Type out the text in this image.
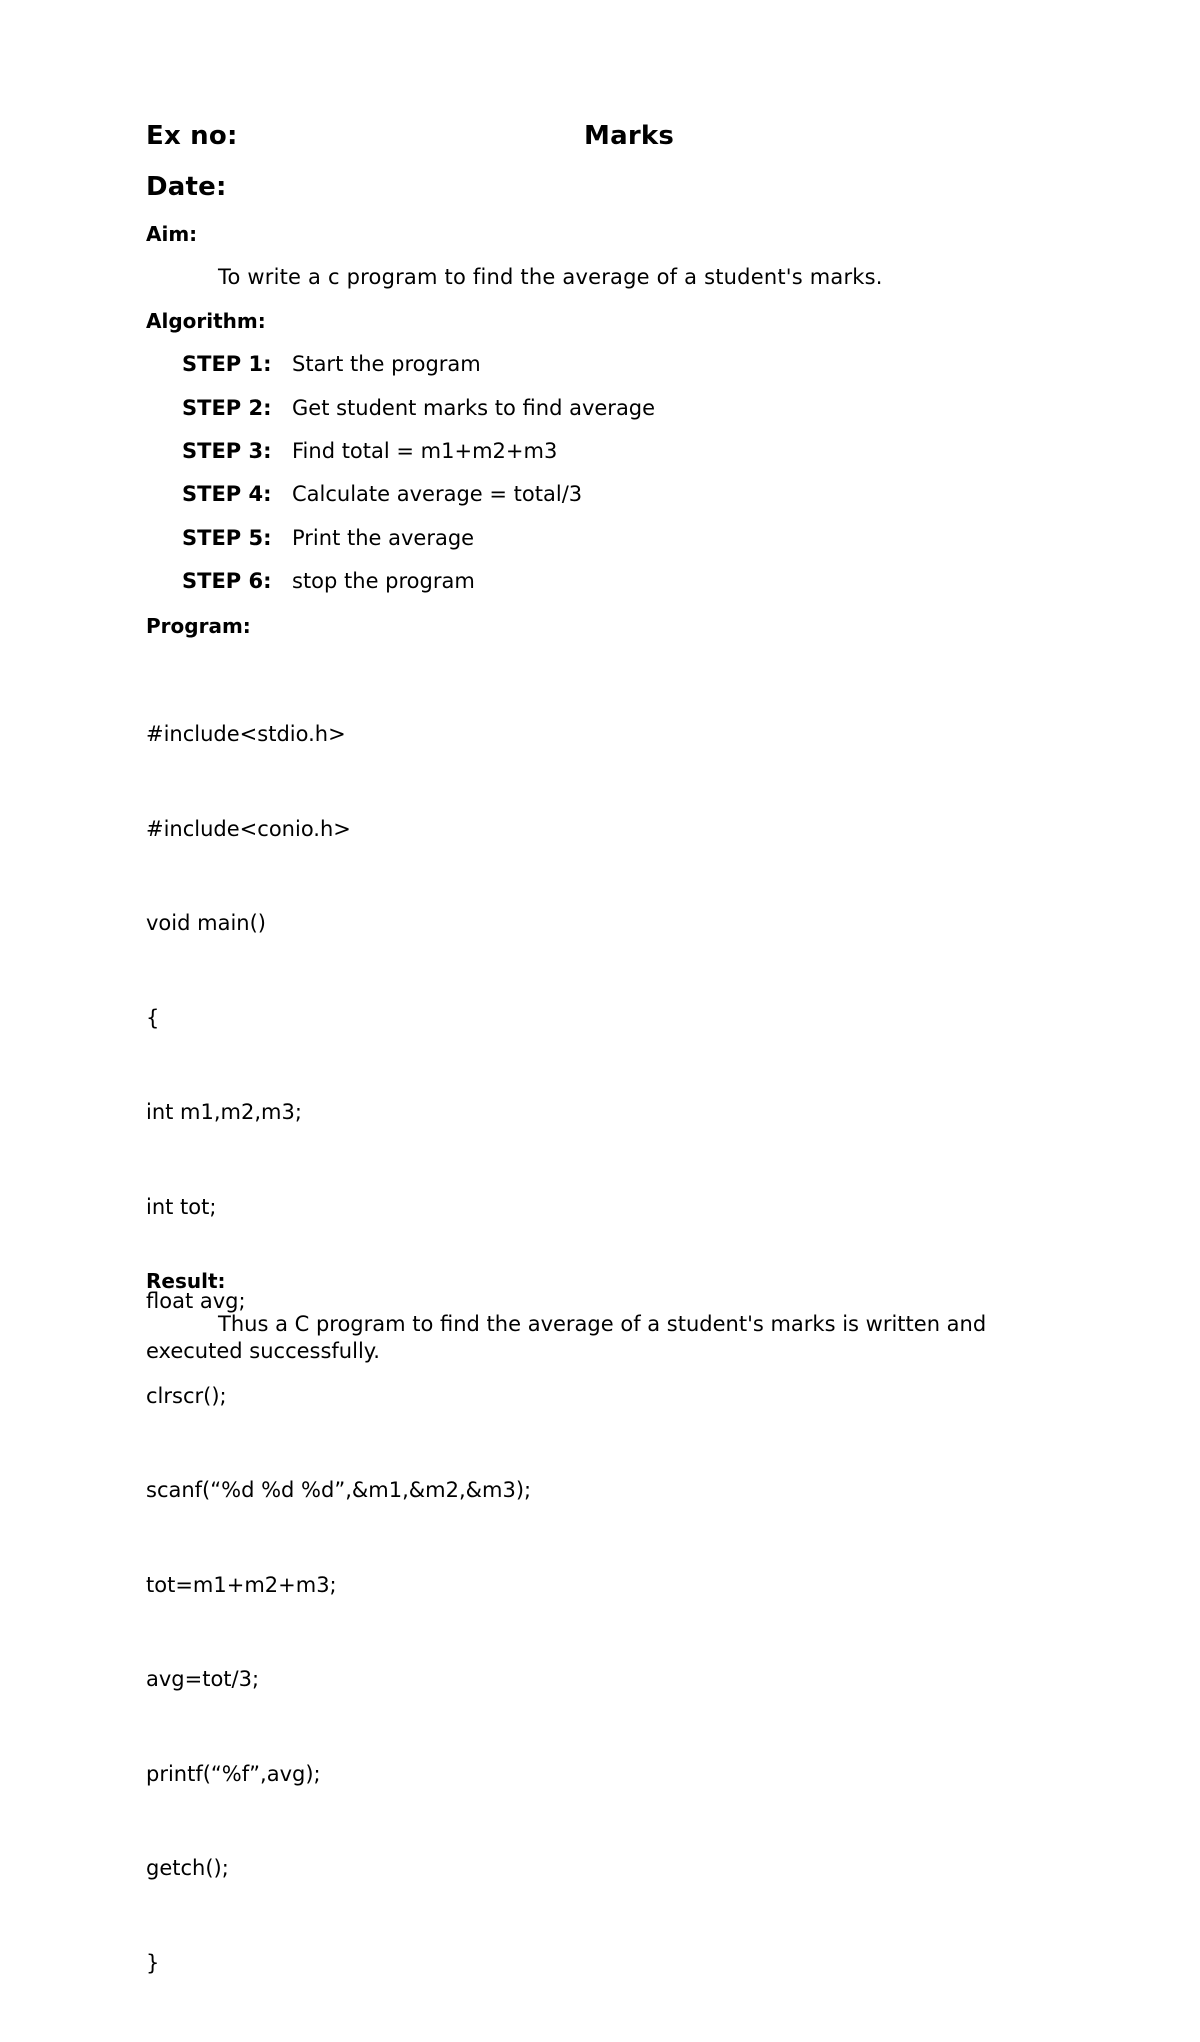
Ex no:	Marks
Date:
Aim:
To write a c program to find the average of a student's marks.
Algorithm:
STEP 1: Start the program
STEP 2: Get student marks to find average
STEP 3: Find total = m1+m2+m3
STEP 4: Calculate average = total/3
STEP 5: Print the average
STEP 6: stop the program
Program:

#include<stdio.h>

#include<conio.h>

void main()

{

int m1,m2,m3;

int tot;

float avg;

clrscr();

scanf(“%d %d %d”,&m1,&m2,&m3);

tot=m1+m2+m3;

avg=tot/3;

printf(“%f”,avg);

getch();

}

Result:
Thus a C program to find the average of a student's marks is written and executed successfully.
